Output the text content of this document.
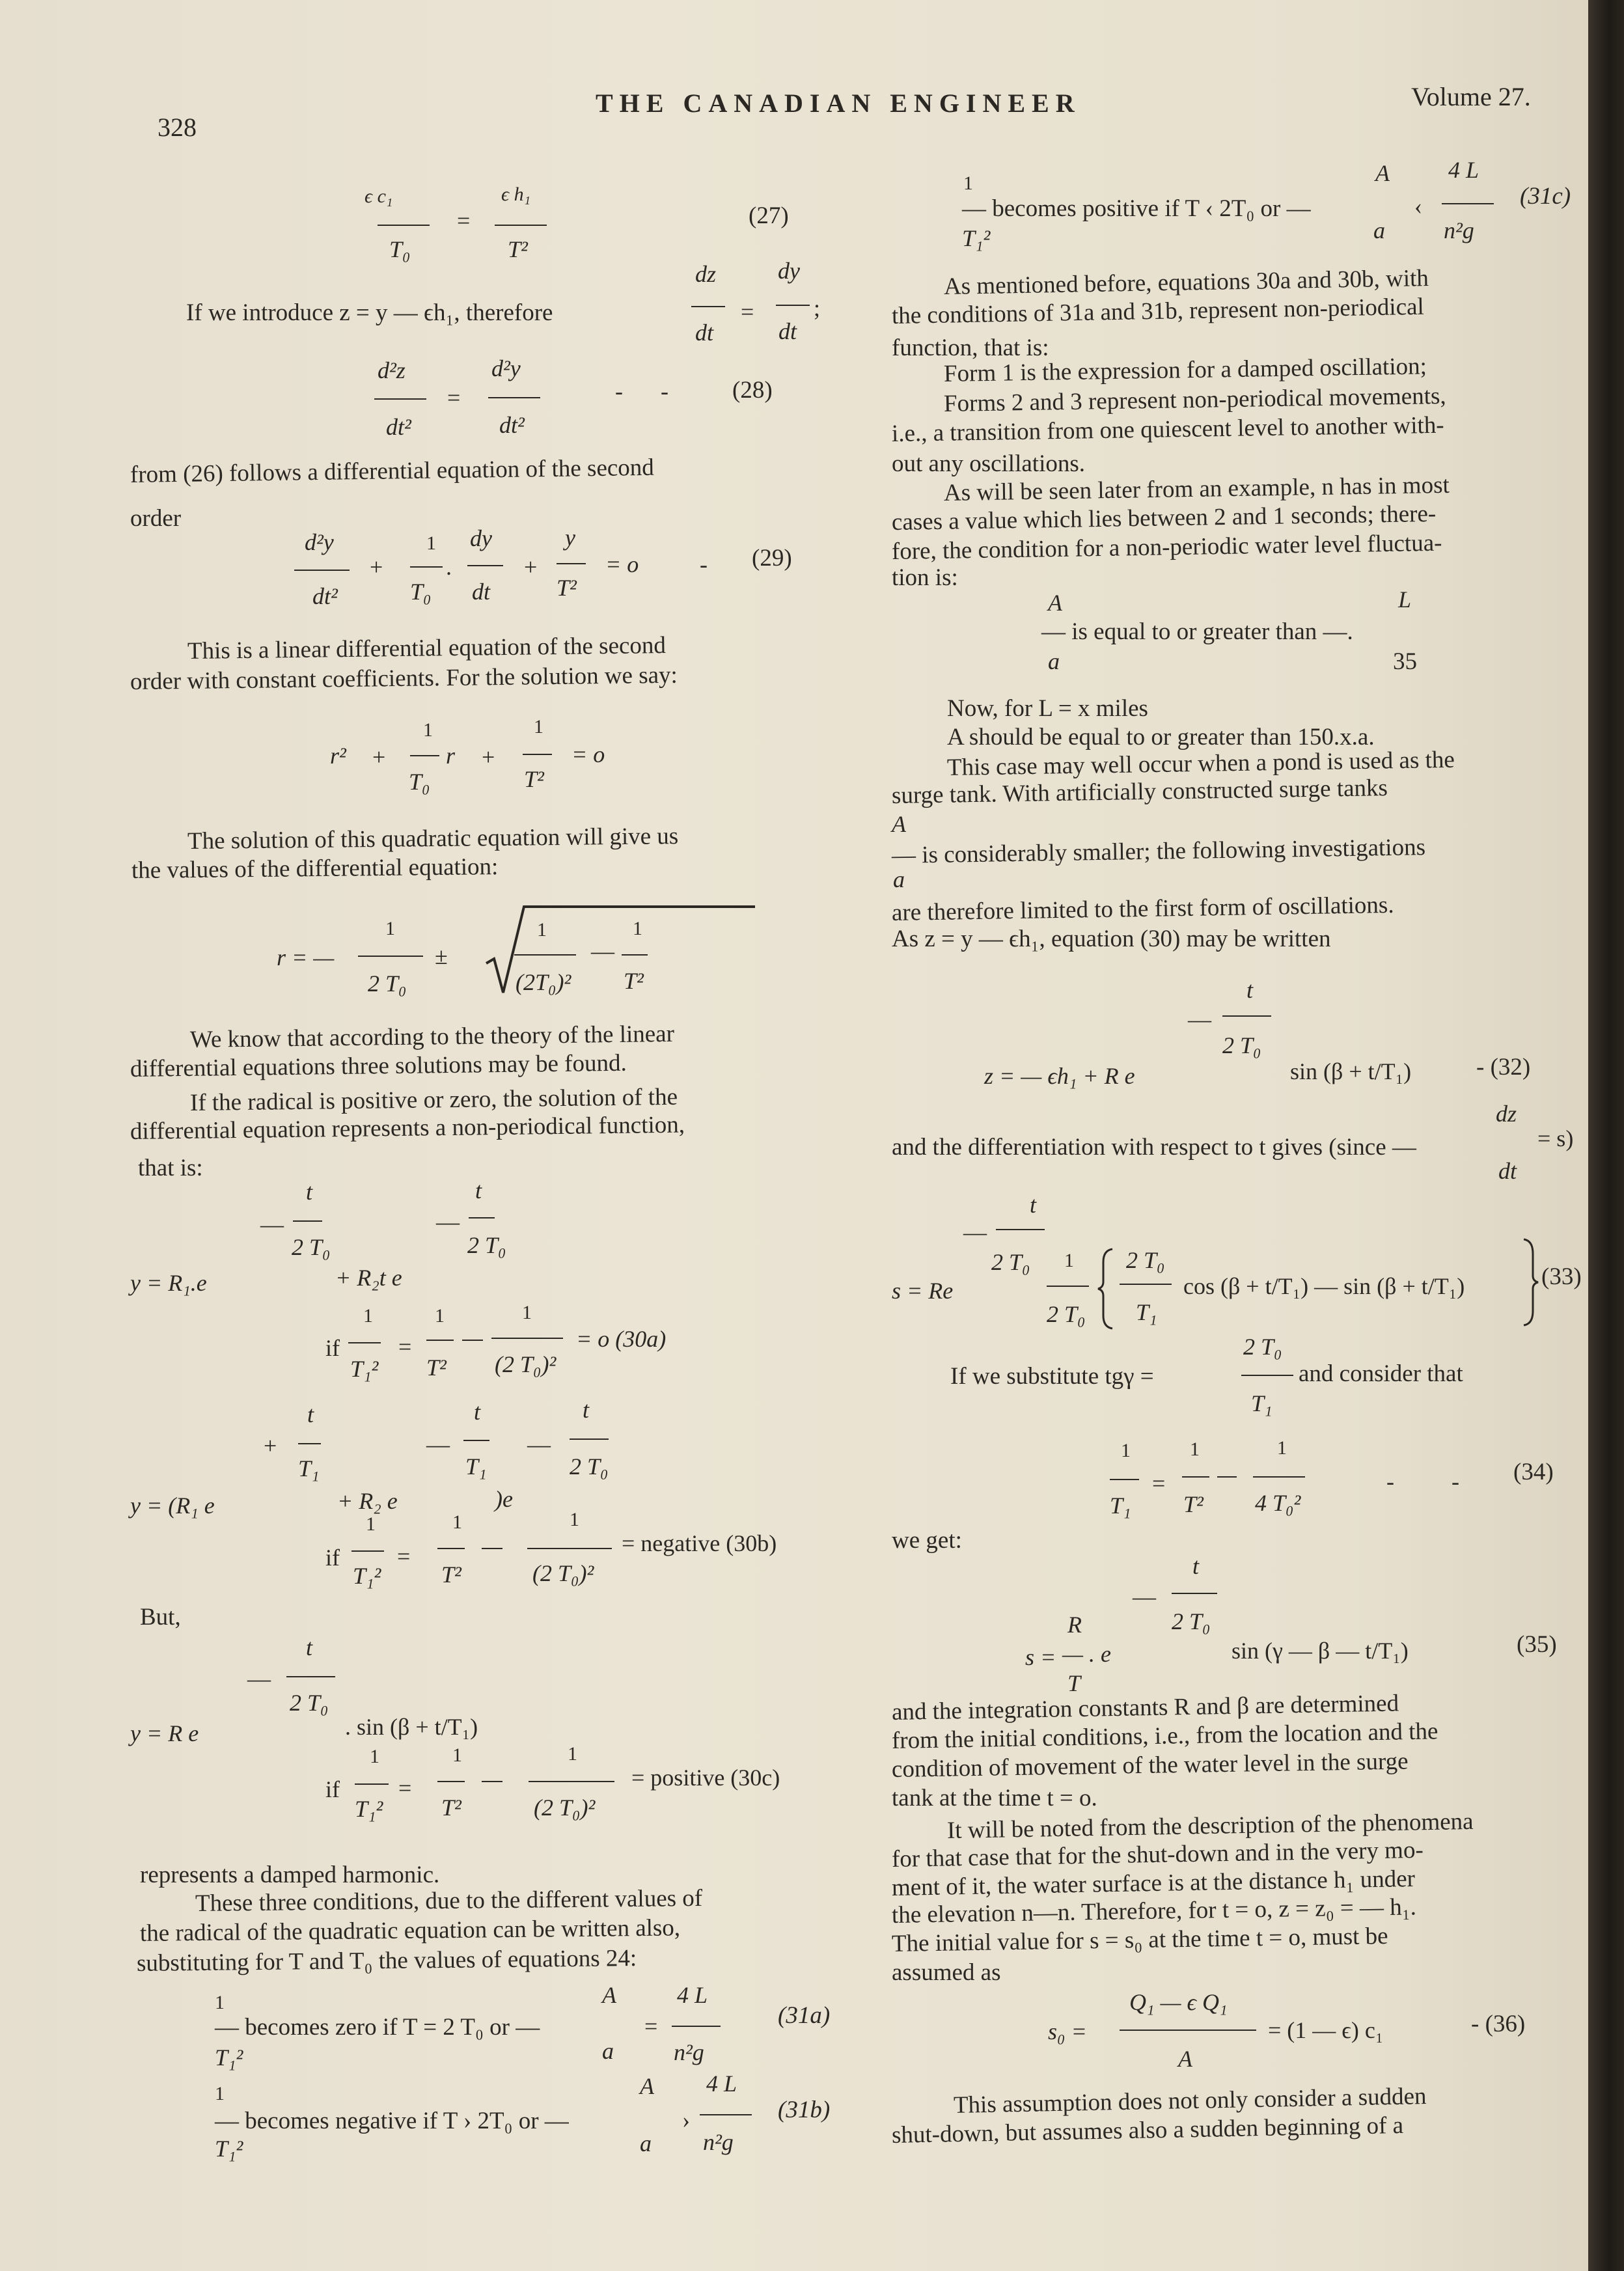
328
THE CANADIAN ENGINEER	Volume 27.
ϵ c₁
T₀
=
ϵ h₁
T²
(27)
If we introduce z = y — ϵh₁, therefore
dz
dt
=
dy
dt
;
d²z
dt²
=
d²y
dt²
- -	(28)
from (26) follows a differential equation of the second
order
d²y
dt²
+
1
T₀
.
dy
dt
+
y
T²
= o	- (29)
This is a linear differential equation of the second
order with constant coefficients. For the solution we say:
r² +
1
T₀
r +
1
T²
= o
The solution of this quadratic equation will give us
the values of the differential equation:
r = —
1
2 T₀
±
1
(2T₀)²
—
1
T²
We know that according to the theory of the linear
differential equations three solutions may be found.
If the radical is positive or zero, the solution of the
differential equation represents a non-periodical function,
that is:
t
—
2 T₀
t
—
2 T₀
y = R₁.e	+ R₂t e
if
1
T₁²
=
1
T²
1
(2 T₀)²
= o (30a)
t
+
T₁
t
—
T₁
t
—
2 T₀
y = (R₁ e	+ R₂ e	)e
if
1
T₁²
=
1
T²
1
(2 T₀)²
= negative (30b)
But,
t
—
2 T₀
y = R e	. sin (β + t/T₁)
if
1
T₁²
=
1
T²
1
(2 T₀)²
= positive (30c)
represents a damped harmonic.
These three conditions, due to the different values of
the radical of the quadratic equation can be written also,
substituting for T and T₀ the values of equations 24:
1
T₁²
— becomes zero if T = 2 T₀ or —
A
a
=
4 L
n²g
(31a)
1
T₁²
— becomes negative if T › 2T₀ or —
A
a
›
4 L
n²g
(31b)
1
T₁²
— becomes positive if T ‹ 2T₀ or —
A
a
‹
4 L
n²g
(31c)
As mentioned before, equations 30a and 30b, with
the conditions of 31a and 31b, represent non-periodical
function, that is:
Form 1 is the expression for a damped oscillation;
Forms 2 and 3 represent non-periodical movements,
i.e., a transition from one quiescent level to another with-
out any oscillations.
As will be seen later from an example, n has in most
cases a value which lies between 2 and 1 seconds; there-
fore, the condition for a non-periodic water level fluctua-
tion is:
A
a
— is equal to or greater than —.
L
35
Now, for L = x miles
A should be equal to or greater than 150.x.a.
This case may well occur when a pond is used as the
surge tank. With artificially constructed surge tanks
A
a
— is considerably smaller; the following investigations
are therefore limited to the first form of oscillations.
As z = y — ϵh₁, equation (30) may be written
t
—
2 T₀
z = — ϵh₁ + R e	sin (β + t/T₁)	- (32)
and the differentiation with respect to t gives (since —
dz
dt
= s)
t
—
2 T₀
s = Re
1
2 T₀
2 T₀
T₁
cos (β + t/T₁) — sin (β + t/T₁)	(33)
If we substitute tgγ =
2 T₀
T₁
and consider that
1
T₁
=
1
T²
1
4 T₀²
- - (34)
we get:
t
—
2 T₀
s =
R
T
— . e	sin (γ — β — t/T₁)	(35)
and the integration constants R and β are determined
from the initial conditions, i.e., from the location and the
condition of movement of the water level in the surge
tank at the time t = o.
It will be noted from the description of the phenomena
for that case that for the shut-down and in the very mo-
ment of it, the water surface is at the distance h₁ under
the elevation n—n. Therefore, for t = o, z = z₀ = — h₁.
The initial value for s = s₀ at the time t = o, must be
assumed as
s₀ =
Q₁ — ϵ Q₁
A
= (1 — ϵ) c₁	- (36)
This assumption does not only consider a sudden
shut-down, but assumes also a sudden beginning of a
